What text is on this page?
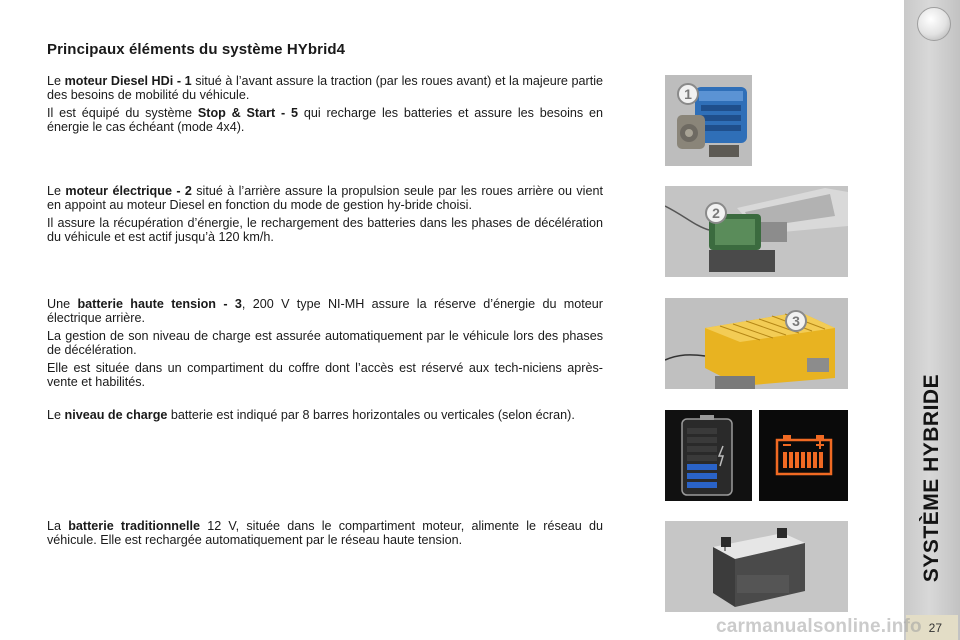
Principaux éléments du système HYbrid4

Le moteur Diesel HDi - 1 situé à l’avant assure la traction (par les roues avant) et la majeure partie des besoins de mobilité du véhicule.

Il est équipé du système Stop & Start - 5 qui recharge les batteries et assure les besoins en énergie le cas échéant (mode 4x4).

Le moteur électrique - 2 situé à l’arrière assure la propulsion seule par les roues arrière ou vient en appoint au moteur Diesel en fonction du mode de gestion hy-bride choisi.

Il assure la récupération d’énergie, le rechargement des batteries dans les phases de décélération du véhicule et est actif jusqu’à 120 km/h.

Une batterie haute tension - 3, 200 V type NI-MH assure la réserve d’énergie du moteur électrique arrière.

La gestion de son niveau de charge est assurée automatiquement par le véhicule lors des phases de décélération.

Elle est située dans un compartiment du coffre dont l’accès est réservé aux tech-niciens après-vente et habilités.

Le niveau de charge batterie est indiqué par 8 barres horizontales ou verticales (selon écran).

La batterie traditionnelle 12 V, située dans le compartiment moteur, alimente le réseau du véhicule. Elle est rechargée automatiquement par le réseau haute tension.

1
2
3
SYSTÈME HYBRIDE
27
carmanualsonline.info
